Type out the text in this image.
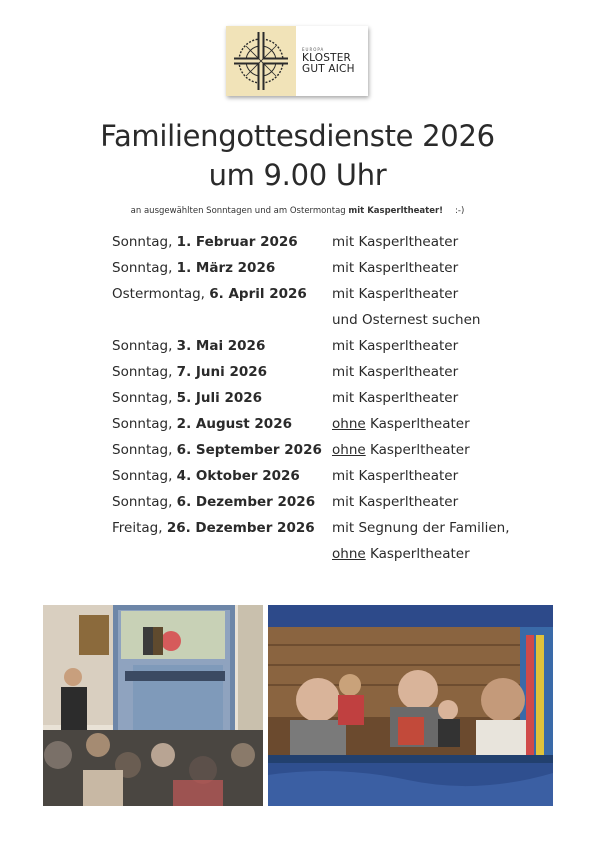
EUROPA
KLOSTER
GUT AICH
Familiengottesdienste 2026
um 9.00 Uhr
an ausgewählten Sonntagen und am Ostermontag mit Kasperltheater! :-)
Sonntag, 1. Februar 2026	mit Kasperltheater
Sonntag, 1. März 2026	mit Kasperltheater
Ostermontag, 6. April 2026 mit Kasperltheater
und Osternest suchen
Sonntag, 3. Mai 2026	mit Kasperltheater
Sonntag, 7. Juni 2026	mit Kasperltheater
Sonntag, 5. Juli 2026	mit Kasperltheater
Sonntag, 2. August 2026	ohne Kasperltheater
Sonntag, 6. September 2026 ohne Kasperltheater
Sonntag, 4. Oktober 2026 mit Kasperltheater
Sonntag, 6. Dezember 2026 mit Kasperltheater
Freitag, 26. Dezember 2026 mit Segnung der Familien,
ohne Kasperltheater
